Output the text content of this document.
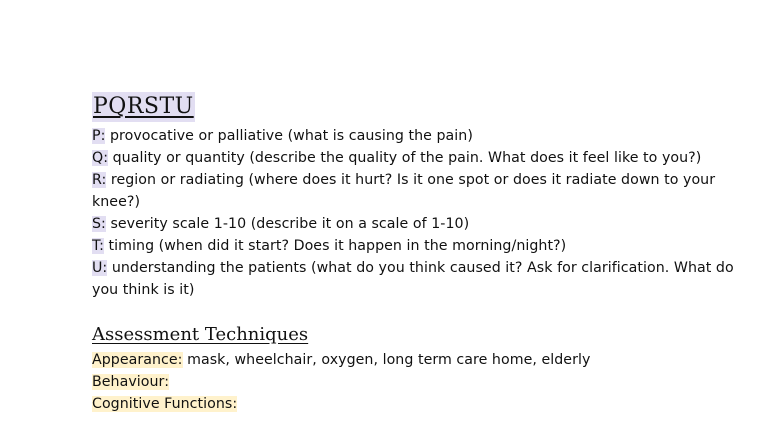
PQRSTU
P: provocative or palliative (what is causing the pain)
Q: quality or quantity (describe the quality of the pain. What does it feel like to you?)
R: region or radiating (where does it hurt? Is it one spot or does it radiate down to your knee?)
S: severity scale 1-10 (describe it on a scale of 1-10)
T: timing (when did it start? Does it happen in the morning/night?)
U: understanding the patients (what do you think caused it? Ask for clarification. What do you think is it)
Assessment Techniques
Appearance: mask, wheelchair, oxygen, long term care home, elderly
Behaviour:
Cognitive Functions:
